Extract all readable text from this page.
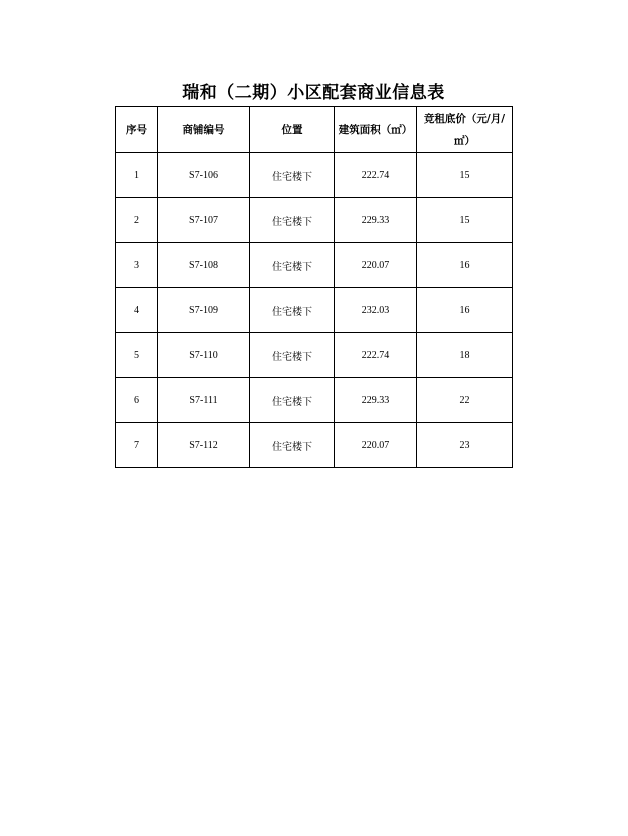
瑞和（二期）小区配套商业信息表
序号	商铺编号	位置	建筑面积（㎡）	竞租底价（元/月/㎡）
1	S7-106	住宅楼下	222.74	15
2	S7-107	住宅楼下	229.33	15
3	S7-108	住宅楼下	220.07	16
4	S7-109	住宅楼下	232.03	16
5	S7-110	住宅楼下	222.74	18
6	S7-111	住宅楼下	229.33	22
7	S7-112	住宅楼下	220.07	23
